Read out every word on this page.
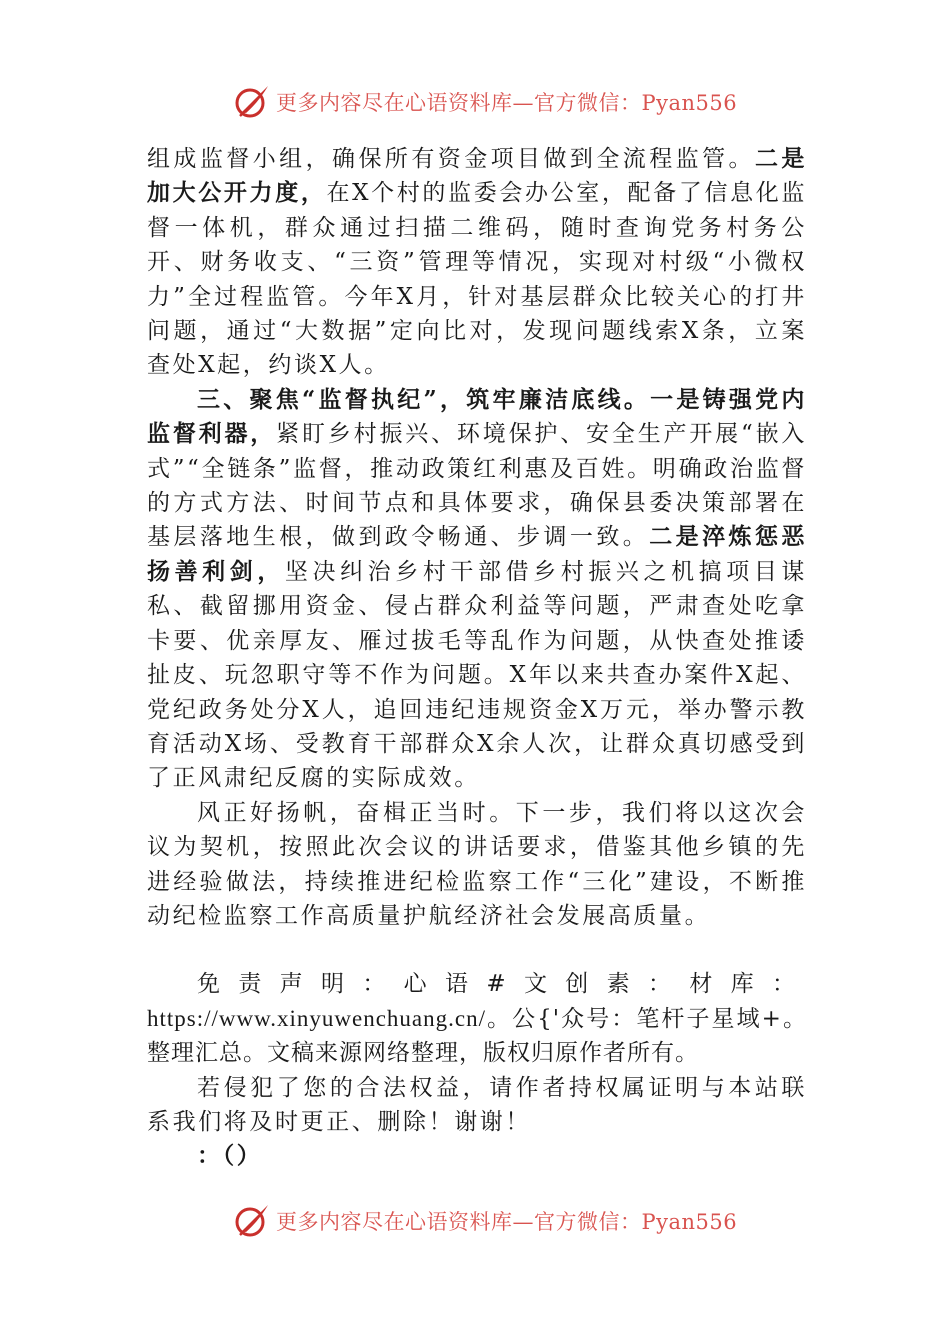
更多内容尽在心语资料库—官方微信：Pyan556

组成监督小组，确保所有资金项目做到全流程监管。二是加大公开力度，在X个村的监委会办公室，配备了信息化监督一体机，群众通过扫描二维码，随时查询党务村务公开、财务收支、“三资”管理等情况，实现对村级“小微权力”全过程监管。今年X月，针对基层群众比较关心的打井问题，通过“大数据”定向比对，发现问题线索X条，立案查处X起，约谈X人。

三、聚焦“监督执纪”，筑牢廉洁底线。一是铸强党内监督利器，紧盯乡村振兴、环境保护、安全生产开展“嵌入式”“全链条”监督，推动政策红利惠及百姓。明确政治监督的方式方法、时间节点和具体要求，确保县委决策部署在基层落地生根，做到政令畅通、步调一致。二是淬炼惩恶扬善利剑，坚决纠治乡村干部借乡村振兴之机搞项目谋私、截留挪用资金、侵占群众利益等问题，严肃查处吃拿卡要、优亲厚友、雁过拔毛等乱作为问题，从快查处推诿扯皮、玩忽职守等不作为问题。X年以来共查办案件X起、党纪政务处分X人，追回违纪违规资金X万元，举办警示教育活动X场、受教育干部群众X余人次，让群众真切感受到了正风肃纪反腐的实际成效。

风正好扬帆，奋楫正当时。下一步，我们将以这次会议为契机，按照此次会议的讲话要求，借鉴其他乡镇的先进经验做法，持续推进纪检监察工作“三化”建设，不断推动纪检监察工作高质量护航经济社会发展高质量。

免责声明：心语#文创素：材库：https://www.xinyuwenchuang.cn/。公{'众号：笔杆子星域+。整理汇总。文稿来源网络整理，版权归原作者所有。

若侵犯了您的合法权益，请作者持权属证明与本站联系我们将及时更正、删除！谢谢！

：（）

更多内容尽在心语资料库—官方微信：Pyan556
